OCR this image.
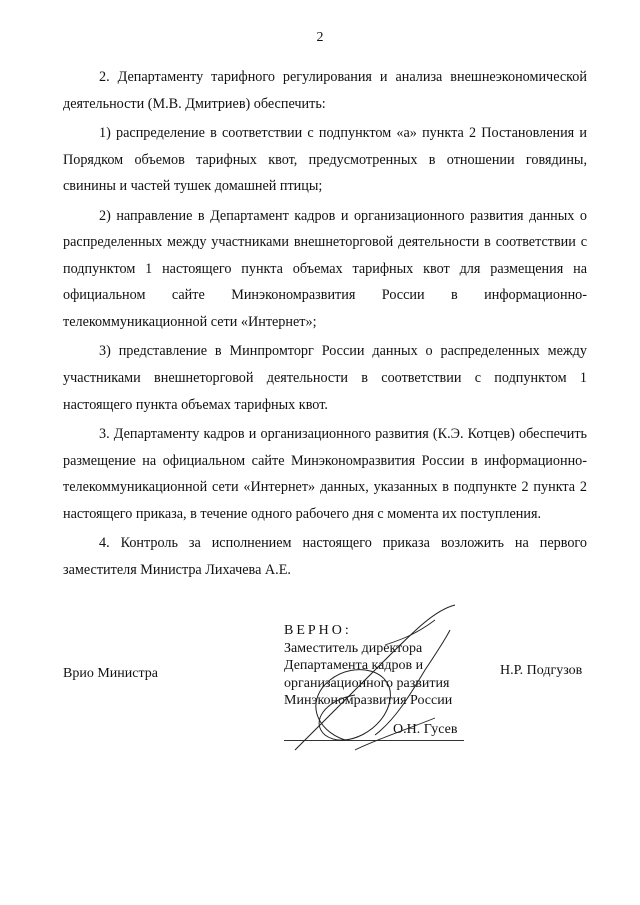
2

2. Департаменту тарифного регулирования и анализа внешнеэкономической деятельности (М.В. Дмитриев) обеспечить:

1) распределение в соответствии с подпунктом «а» пункта 2 Постановления и Порядком объемов тарифных квот, предусмотренных в отношении говядины, свинины и частей тушек домашней птицы;

2) направление в Департамент кадров и организационного развития данных о распределенных между участниками внешнеторговой деятельности в соответствии с подпунктом 1 настоящего пункта объемах тарифных квот для размещения на официальном сайте Минэкономразвития России в информационно-телекоммуникационной сети «Интернет»;

3) представление в Минпромторг России данных о распределенных между участниками внешнеторговой деятельности в соответствии с подпунктом 1 настоящего пункта объемах тарифных квот.

3. Департаменту кадров и организационного развития (К.Э. Котцев) обеспечить размещение на официальном сайте Минэкономразвития России в информационно-телекоммуникационной сети «Интернет» данных, указанных в подпункте 2 пункта 2 настоящего приказа, в течение одного рабочего дня с момента их поступления.

4. Контроль за исполнением настоящего приказа возложить на первого заместителя Министра Лихачева А.Е.

Врио Министра	Н.Р. Подгузов
ВЕРНО:
Заместитель директора
Департамента кадров и
организационного развития
Минэкономразвития России
О.Н. Гусев
